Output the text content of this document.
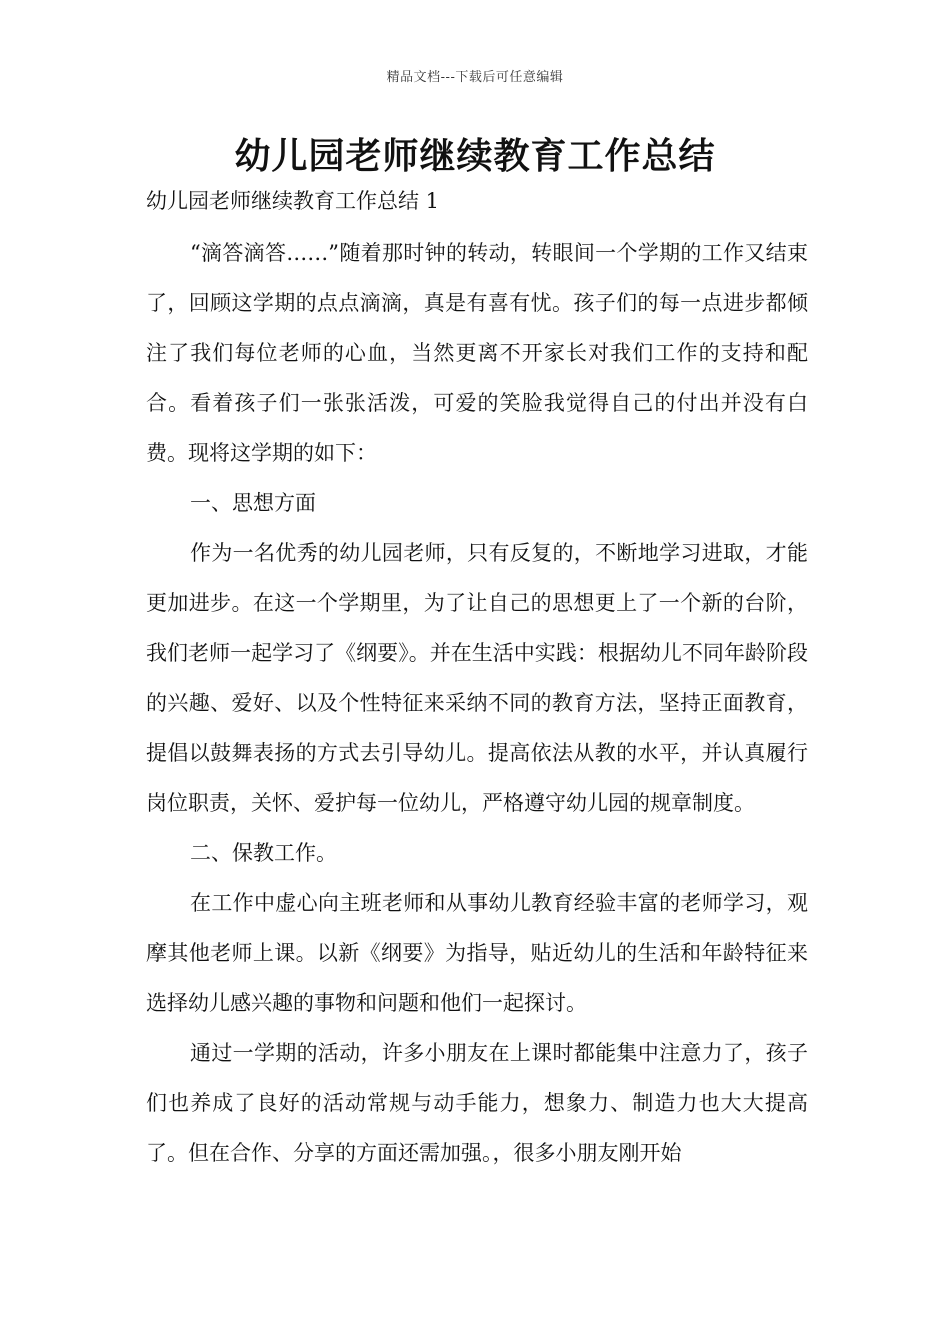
精品文档---下载后可任意编辑
幼儿园老师继续教育工作总结
幼儿园老师继续教育工作总结 1

“滴答滴答……”随着那时钟的转动，转眼间一个学期的工作又结束了，回顾这学期的点点滴滴，真是有喜有忧。孩子们的每一点进步都倾注了我们每位老师的心血，当然更离不开家长对我们工作的支持和配合。看着孩子们一张张活泼，可爱的笑脸我觉得自己的付出并没有白费。现将这学期的如下：

一、思想方面

作为一名优秀的幼儿园老师，只有反复的，不断地学习进取，才能更加进步。在这一个学期里，为了让自己的思想更上了一个新的台阶，我们老师一起学习了《纲要》。并在生活中实践：根据幼儿不同年龄阶段的兴趣、爱好、以及个性特征来采纳不同的教育方法，坚持正面教育，提倡以鼓舞表扬的方式去引导幼儿。提高依法从教的水平，并认真履行岗位职责，关怀、爱护每一位幼儿，严格遵守幼儿园的规章制度。

二、保教工作。

在工作中虚心向主班老师和从事幼儿教育经验丰富的老师学习，观摩其他老师上课。以新《纲要》为指导，贴近幼儿的生活和年龄特征来选择幼儿感兴趣的事物和问题和他们一起探讨。

通过一学期的活动，许多小朋友在上课时都能集中注意力了，孩子们也养成了良好的活动常规与动手能力，想象力、制造力也大大提高了。但在合作、分享的方面还需加强。，很多小朋友刚开始
